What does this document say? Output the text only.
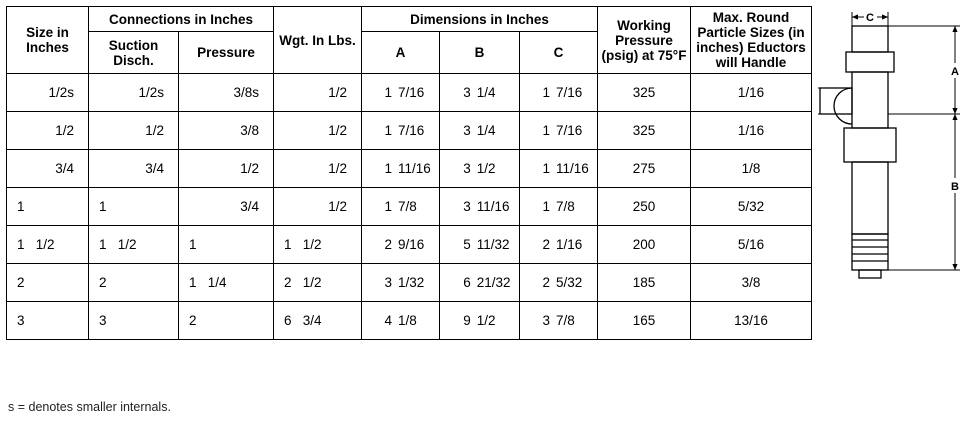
Size in Inches	Connections in Inches		Wgt. In Lbs.	Dimensions in Inches			Working Pressure (psig) at 75°F	Max. Round Particle Sizes (in inches) Eductors will Handle
	Suction Disch.	Pressure		A	B	C		

1/2s	1/2s	3/8s	1/2	1 7/16	3 1/4	1 7/16	325	1/16

1/2	1/2	3/8	1/2	1 7/16	3 1/4	1 7/16	325	1/16

3/4	3/4	1/2	1/2	1 11/16	3 1/2	1 11/16	275	1/8

1	1	3/4	1/2	1 7/8	3 11/16	1 7/8	250	5/32

1   1/2	1   1/2	1	1   1/2	2 9/16	5 11/32	2 1/16	200	5/16

2	2	1   1/4	2   1/2	3 1/32	6 21/32	2 5/32	185	3/8

3	3	2	6   3/4	4 1/8	9 1/2	3 7/8	165	13/16
s = denotes smaller internals.
C
A
B
